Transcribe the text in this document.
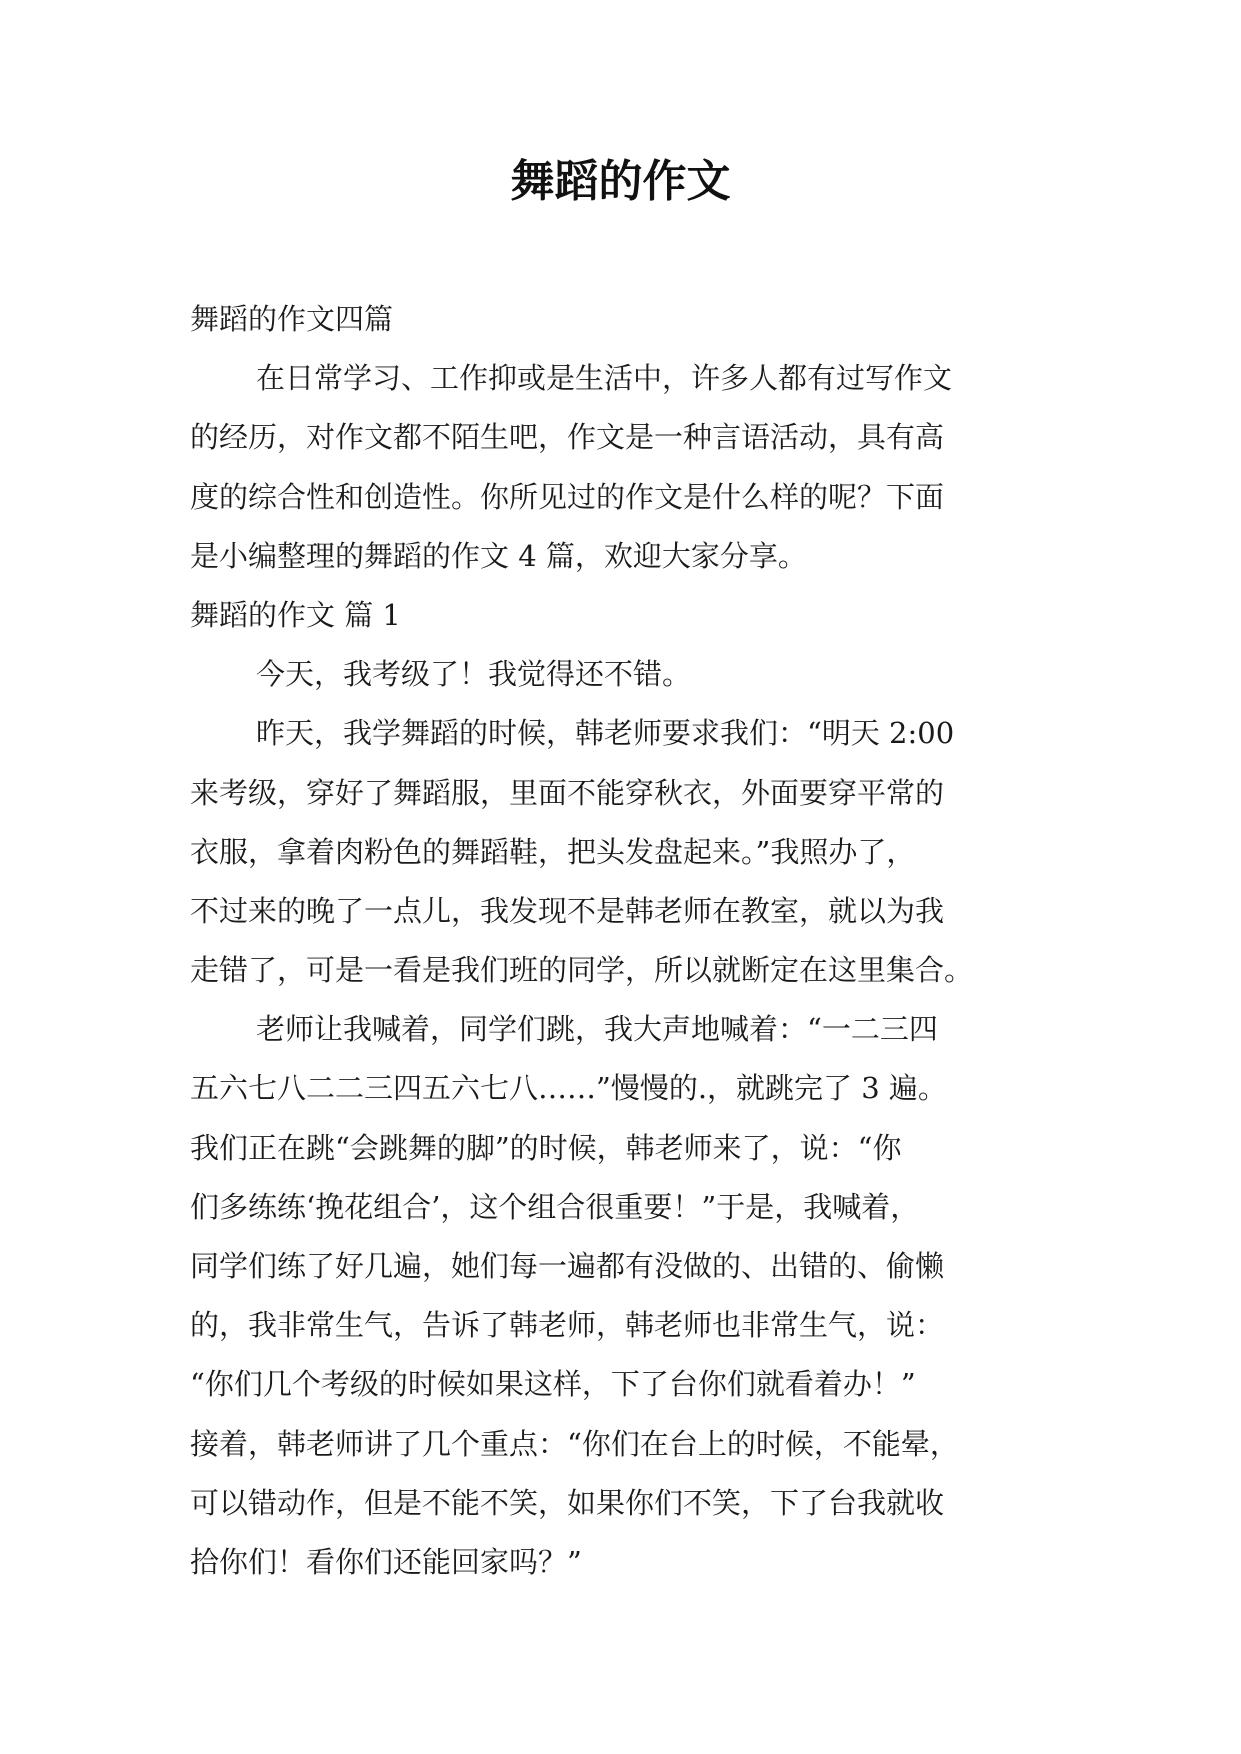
舞蹈的作文

舞蹈的作文四篇

在日常学习、工作抑或是生活中，许多人都有过写作文

的经历，对作文都不陌生吧，作文是一种言语活动，具有高

度的综合性和创造性。你所见过的作文是什么样的呢？下面

是小编整理的舞蹈的作文 4 篇，欢迎大家分享。

舞蹈的作文 篇 1

今天，我考级了！我觉得还不错。

昨天，我学舞蹈的时候，韩老师要求我们：“明天 2:00

来考级，穿好了舞蹈服，里面不能穿秋衣，外面要穿平常的

衣服，拿着肉粉色的舞蹈鞋，把头发盘起来。”我照办了，

不过来的晚了一点儿，我发现不是韩老师在教室，就以为我

走错了，可是一看是我们班的同学，所以就断定在这里集合。

老师让我喊着，同学们跳，我大声地喊着：“一二三四

五六七八二二三四五六七八……”慢慢的.，就跳完了 3 遍。

我们正在跳“会跳舞的脚”的时候，韩老师来了，说：“你

们多练练‘挽花组合’，这个组合很重要！”于是，我喊着，

同学们练了好几遍，她们每一遍都有没做的、出错的、偷懒

的，我非常生气，告诉了韩老师，韩老师也非常生气，说：

“你们几个考级的时候如果这样，下了台你们就看着办！”

接着，韩老师讲了几个重点：“你们在台上的时候，不能晕，

可以错动作，但是不能不笑，如果你们不笑，下了台我就收

拾你们！看你们还能回家吗？”
